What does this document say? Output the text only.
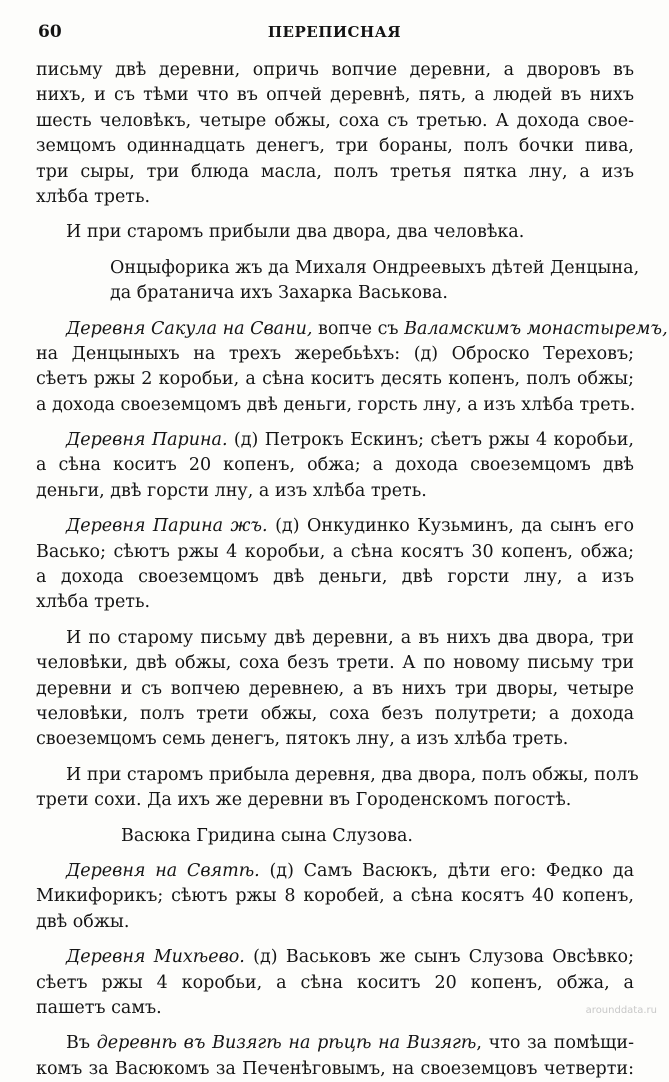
60	ПЕРЕПИСНАЯ
письму двѣ деревни, опричь вопчие деревни, а дворовъ въ
нихъ, и съ тѣми что въ опчей деревнѣ, пять, а людей въ нихъ
шесть человѣкъ, четыре обжы, соха съ третью. А дохода свое-
земцомъ одиннадцать денегъ, три бораны, полъ бочки пива,
три сыры, три блюда масла, полъ третья пятка лну, а изъ
хлѣба треть.
И при старомъ прибыли два двора, два человѣка.
Онцыфорика жъ да Михаля Ондреевыхъ дѣтей Денцына,
да братанича ихъ Захарка Васькова.
Деревня Сакула на Свани, вопче съ Валамскимъ монастыремъ,
на Денцыныхъ на трехъ жеребьѣхъ: (д) Оброско Тереховъ;
сѣетъ ржы 2 коробьи, а сѣна коситъ десять копенъ, полъ обжы;
а дохода своеземцомъ двѣ деньги, горсть лну, а изъ хлѣба треть.
Деревня Парина. (д) Петрокъ Ескинъ; сѣетъ ржы 4 коробьи,
а сѣна коситъ 20 копенъ, обжа; а дохода своеземцомъ двѣ
деньги, двѣ горсти лну, а изъ хлѣба треть.
Деревня Парина жъ. (д) Онкудинко Кузьминъ, да сынъ его
Васько; сѣютъ ржы 4 коробьи, а сѣна косятъ 30 копенъ, обжа;
а дохода своеземцомъ двѣ деньги, двѣ горсти лну, а изъ
хлѣба треть.
И по старому письму двѣ деревни, а въ нихъ два двора, три
человѣки, двѣ обжы, соха безъ трети. А по новому письму три
деревни и съ вопчею деревнею, а въ нихъ три дворы, четыре
человѣки, полъ трети обжы, соха безъ полутрети; а дохода
своеземцомъ семь денегъ, пятокъ лну, а изъ хлѣба треть.
И при старомъ прибыла деревня, два двора, полъ обжы, полъ
трети сохи. Да ихъ же деревни въ Городенскомъ погостѣ.
Васюка Гридина сына Слузова.
Деревня на Святѣ. (д) Самъ Васюкъ, дѣти его: Федко да
Микифорикъ; сѣютъ ржы 8 коробей, а сѣна косятъ 40 копенъ,
двѣ обжы.
Деревня Михѣево. (д) Васьковъ же сынъ Слузова Овсѣвко;
сѣетъ ржы 4 коробьи, а сѣна коситъ 20 копенъ, обжа, а
пашетъ самъ.
Въ деревнѣ въ Визягѣ на рѣцѣ на Визягѣ, что за помѣщи-
комъ за Васюкомъ за Печенѣговымъ, на своеземцовъ четверти:
arounddata.ru
